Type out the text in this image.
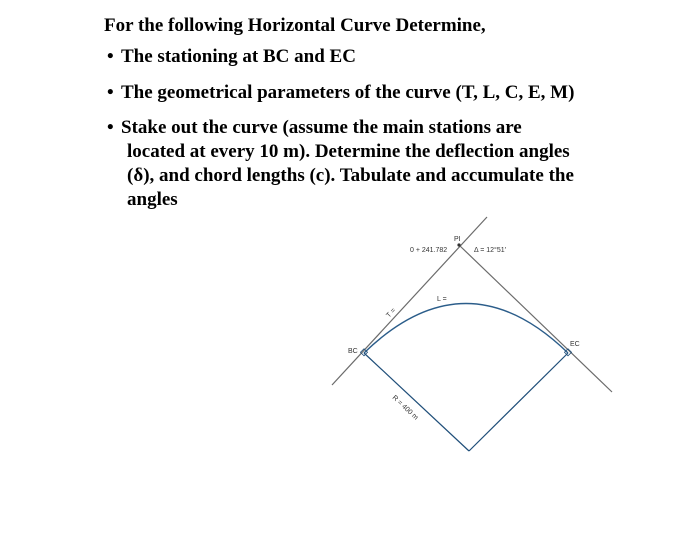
For the following Horizontal Curve Determine,
• The stationing at BC and EC
• The geometrical parameters of the curve (T, L, C, E, M)
• Stake out the curve (assume the main stations are
located at every 10 m). Determine the deflection angles
(δ), and chord lengths (c). Tabulate and accumulate the
angles
PI
0 + 241.782	Δ = 12°51′
T =
L =
BC
EC
R = 400 m
